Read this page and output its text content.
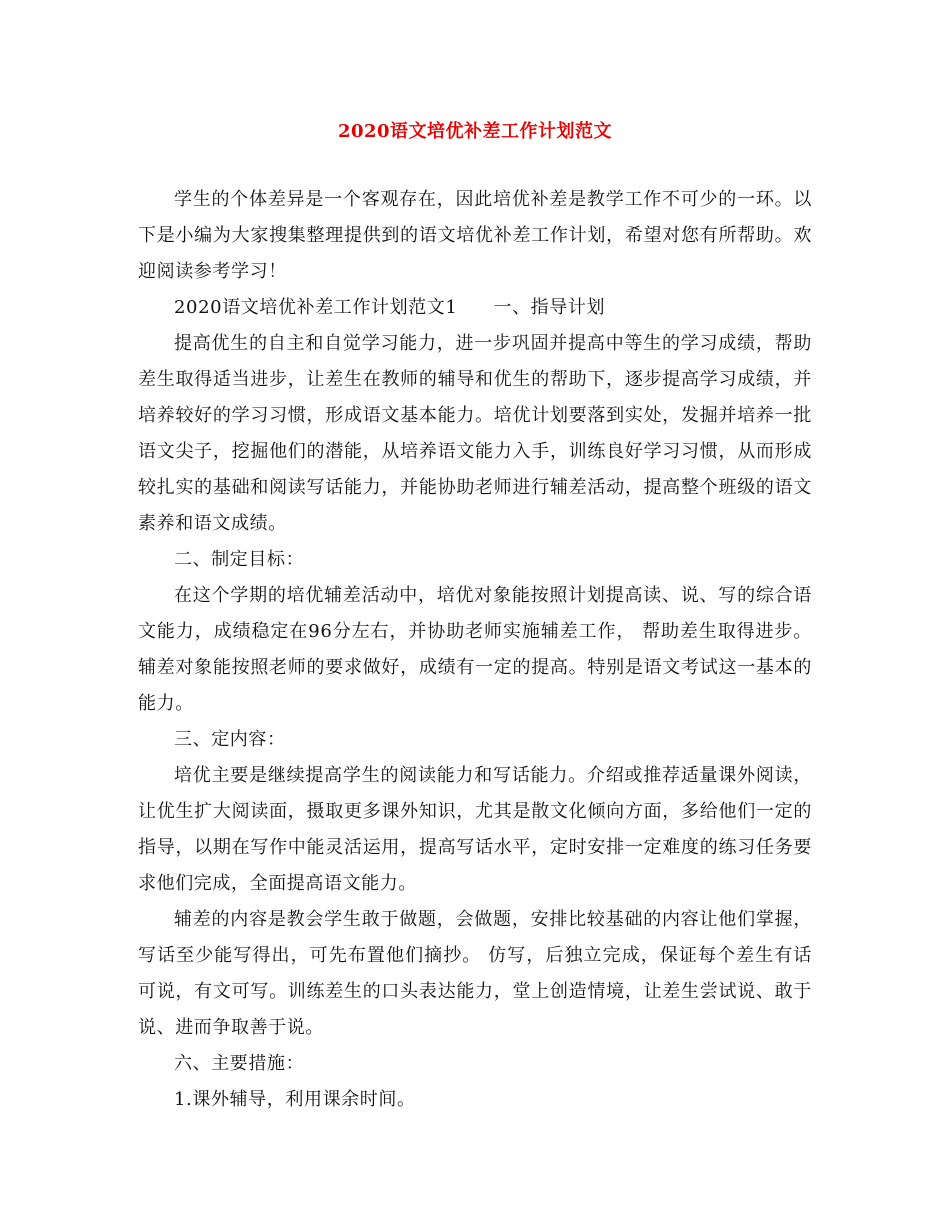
2020语文培优补差工作计划范文

学生的个体差异是一个客观存在，因此培优补差是教学工作不可少的一环。以下是小编为大家搜集整理提供到的语文培优补差工作计划，希望对您有所帮助。欢迎阅读参考学习！

2020语文培优补差工作计划范文1 一、指导计划

提高优生的自主和自觉学习能力，进一步巩固并提高中等生的学习成绩，帮助差生取得适当进步，让差生在教师的辅导和优生的帮助下，逐步提高学习成绩，并培养较好的学习习惯，形成语文基本能力。培优计划要落到实处，发掘并培养一批语文尖子，挖掘他们的潜能，从培养语文能力入手，训练良好学习习惯，从而形成较扎实的基础和阅读写话能力，并能协助老师进行辅差活动，提高整个班级的语文素养和语文成绩。

二、制定目标：

在这个学期的培优辅差活动中，培优对象能按照计划提高读、说、写的综合语文能力，成绩稳定在96分左右，并协助老师实施辅差工作， 帮助差生取得进步。辅差对象能按照老师的要求做好，成绩有一定的提高。特别是语文考试这一基本的能力。

三、定内容：

培优主要是继续提高学生的阅读能力和写话能力。介绍或推荐适量课外阅读，让优生扩大阅读面，摄取更多课外知识，尤其是散文化倾向方面，多给他们一定的指导，以期在写作中能灵活运用，提高写话水平，定时安排一定难度的练习任务要求他们完成，全面提高语文能力。

辅差的内容是教会学生敢于做题，会做题，安排比较基础的内容让他们掌握，写话至少能写得出，可先布置他们摘抄。 仿写，后独立完成，保证每个差生有话可说，有文可写。训练差生的口头表达能力，堂上创造情境，让差生尝试说、敢于说、进而争取善于说。

六、主要措施：

1.课外辅导，利用课余时间。
